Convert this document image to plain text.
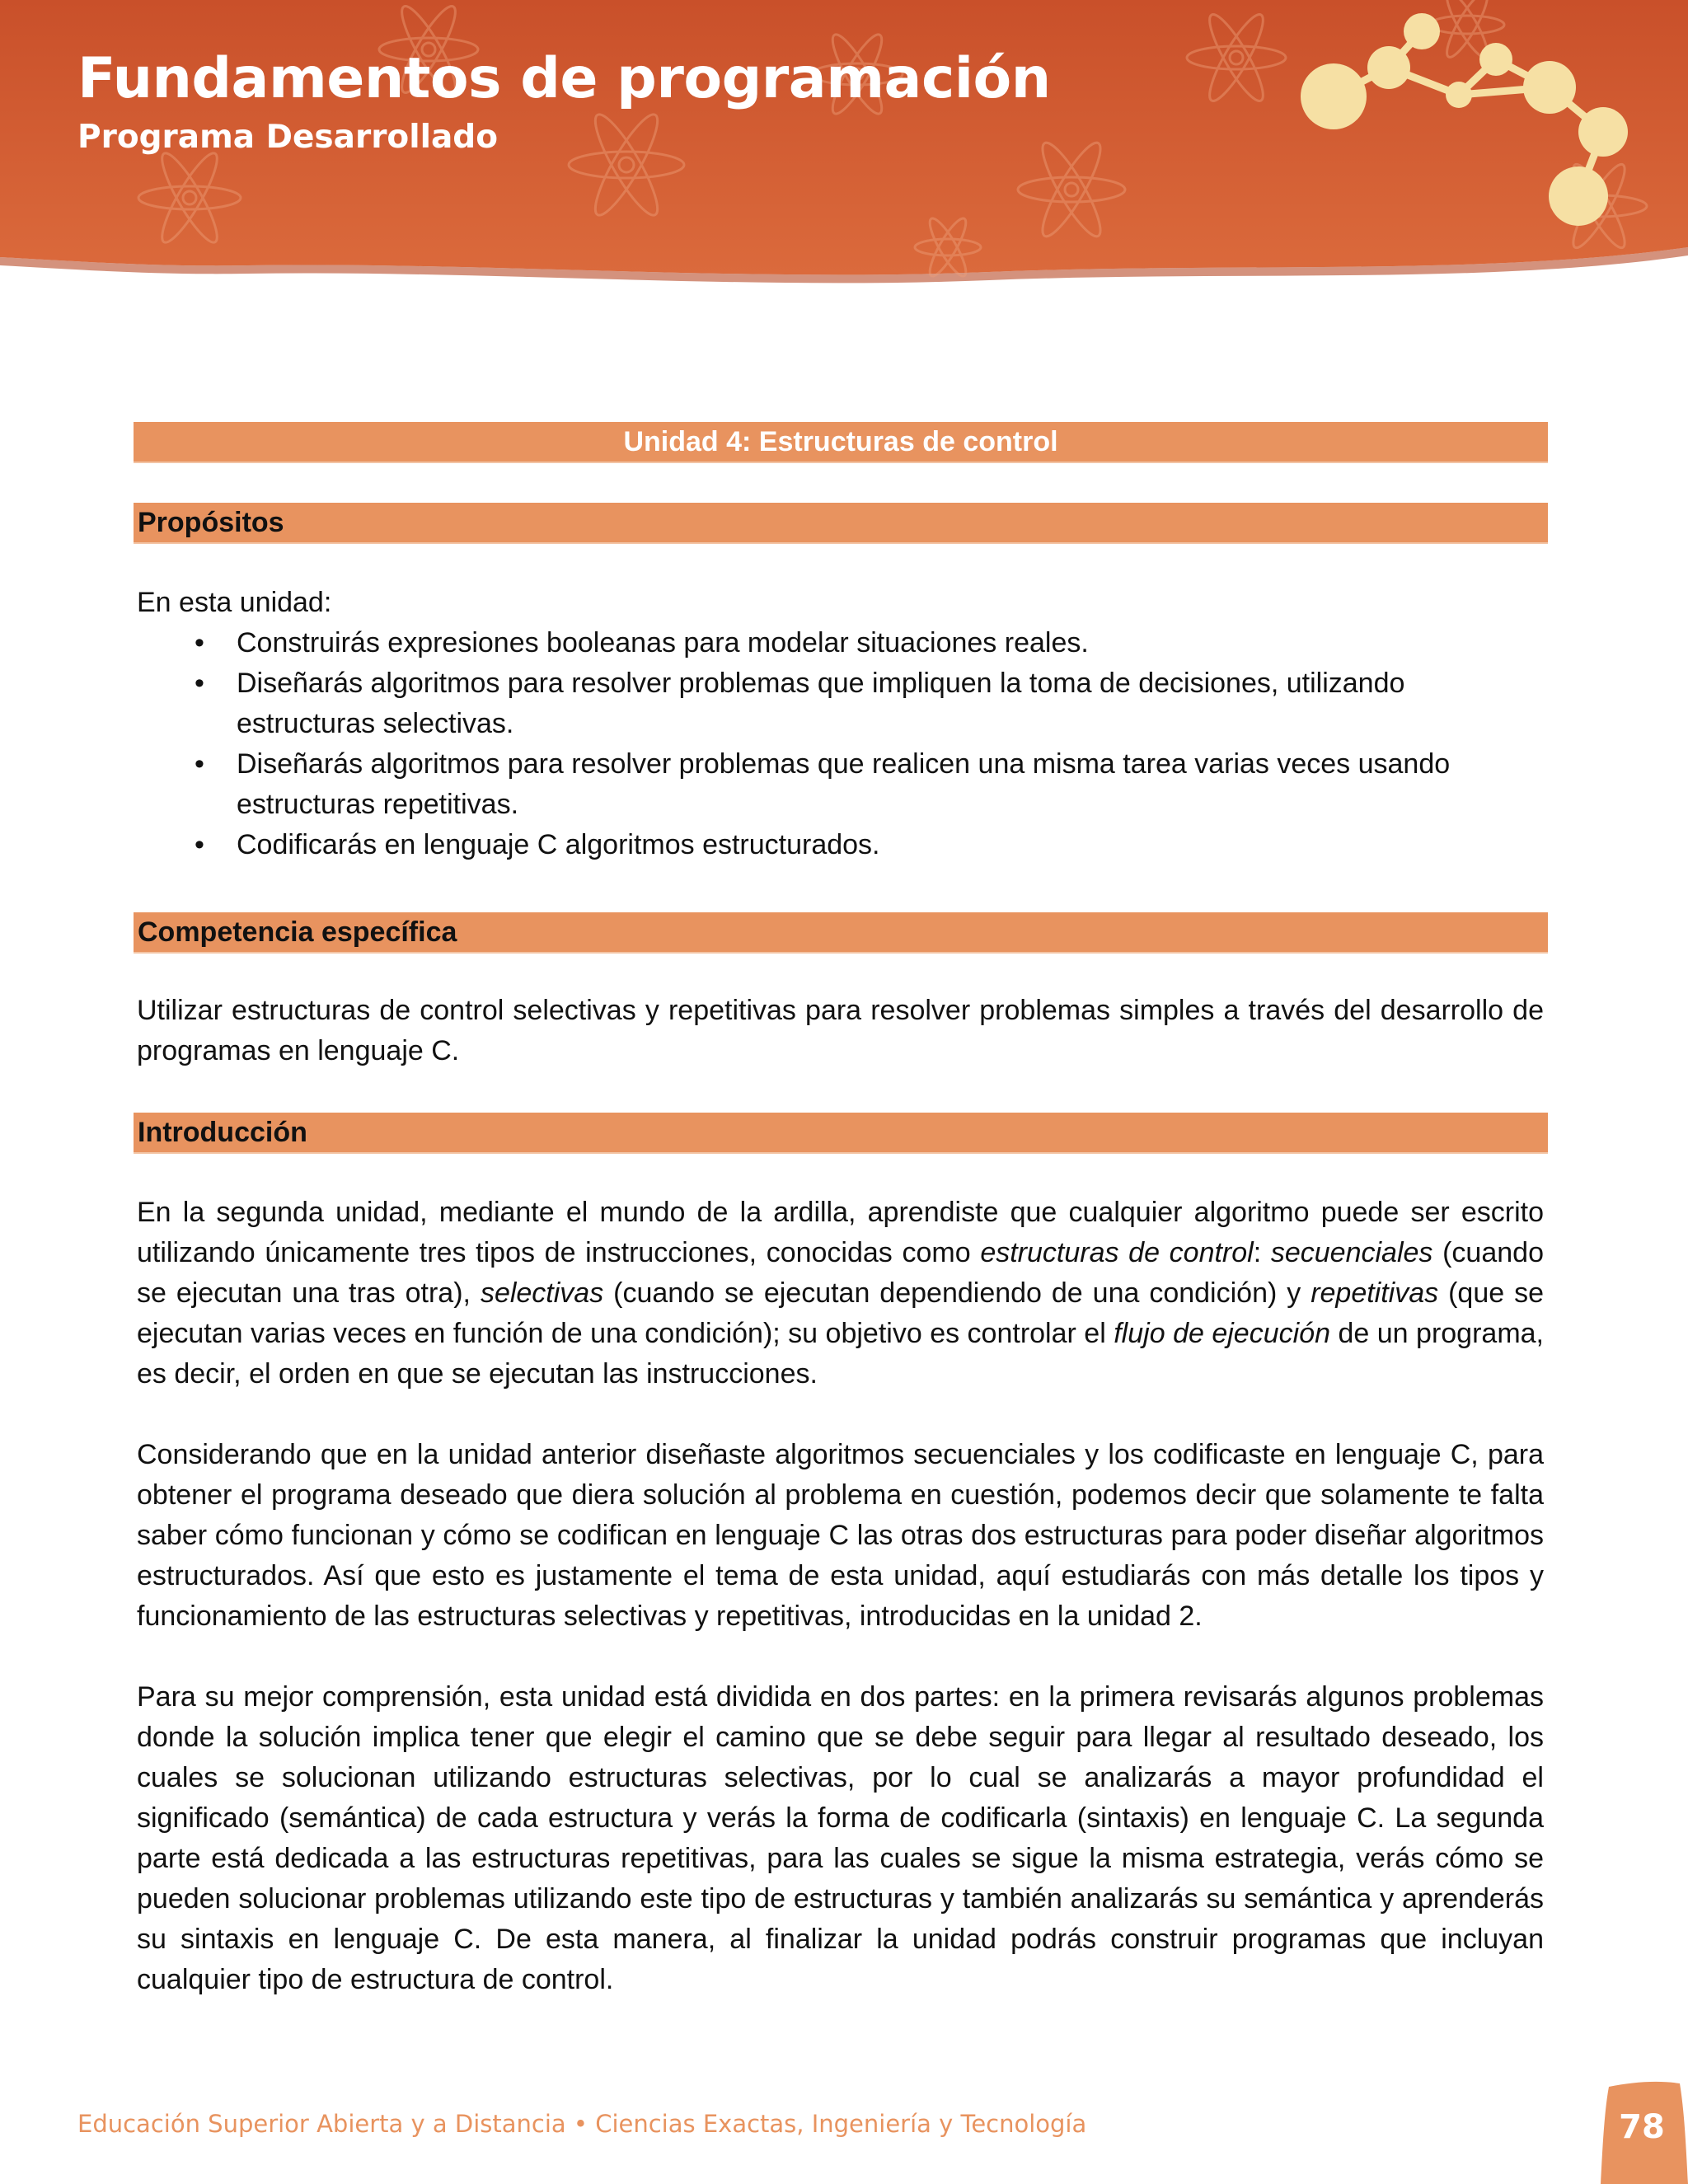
Fundamentos de programación
Programa Desarrollado
Unidad 4: Estructuras de control
Propósitos

En esta unidad:

• Construirás expresiones booleanas para modelar situaciones reales.
• Diseñarás algoritmos para resolver problemas que impliquen la toma de decisiones, utilizando estructuras selectivas.
• Diseñarás algoritmos para resolver problemas que realicen una misma tarea varias veces usando estructuras repetitivas.
• Codificarás en lenguaje C algoritmos estructurados.
Competencia específica

Utilizar estructuras de control selectivas y repetitivas para resolver problemas simples a través del desarrollo de programas en lenguaje C.

Introducción

En la segunda unidad, mediante el mundo de la ardilla, aprendiste que cualquier algoritmo puede ser escrito utilizando únicamente tres tipos de instrucciones, conocidas como estructuras de control: secuenciales (cuando se ejecutan una tras otra), selectivas (cuando se ejecutan dependiendo de una condición) y repetitivas (que se ejecutan varias veces en función de una condición); su objetivo es controlar el flujo de ejecución de un programa, es decir, el orden en que se ejecutan las instrucciones.

Considerando que en la unidad anterior diseñaste algoritmos secuenciales y los codificaste en lenguaje C, para obtener el programa deseado que diera solución al problema en cuestión, podemos decir que solamente te falta saber cómo funcionan y cómo se codifican en lenguaje C las otras dos estructuras para poder diseñar algoritmos estructurados. Así que esto es justamente el tema de esta unidad, aquí estudiarás con más detalle los tipos y funcionamiento de las estructuras selectivas y repetitivas, introducidas en la unidad 2.

Para su mejor comprensión, esta unidad está dividida en dos partes: en la primera revisarás algunos problemas donde la solución implica tener que elegir el camino que se debe seguir para llegar al resultado deseado, los cuales se solucionan utilizando estructuras selectivas, por lo cual se analizarás a mayor profundidad el significado (semántica) de cada estructura y verás la forma de codificarla (sintaxis) en lenguaje C. La segunda parte está dedicada a las estructuras repetitivas, para las cuales se sigue la misma estrategia, verás cómo se pueden solucionar problemas utilizando este tipo de estructuras y también analizarás su semántica y aprenderás su sintaxis en lenguaje C. De esta manera, al finalizar la unidad podrás construir programas que incluyan cualquier tipo de estructura de control.

Educación Superior Abierta y a Distancia • Ciencias Exactas, Ingeniería y Tecnología	78
